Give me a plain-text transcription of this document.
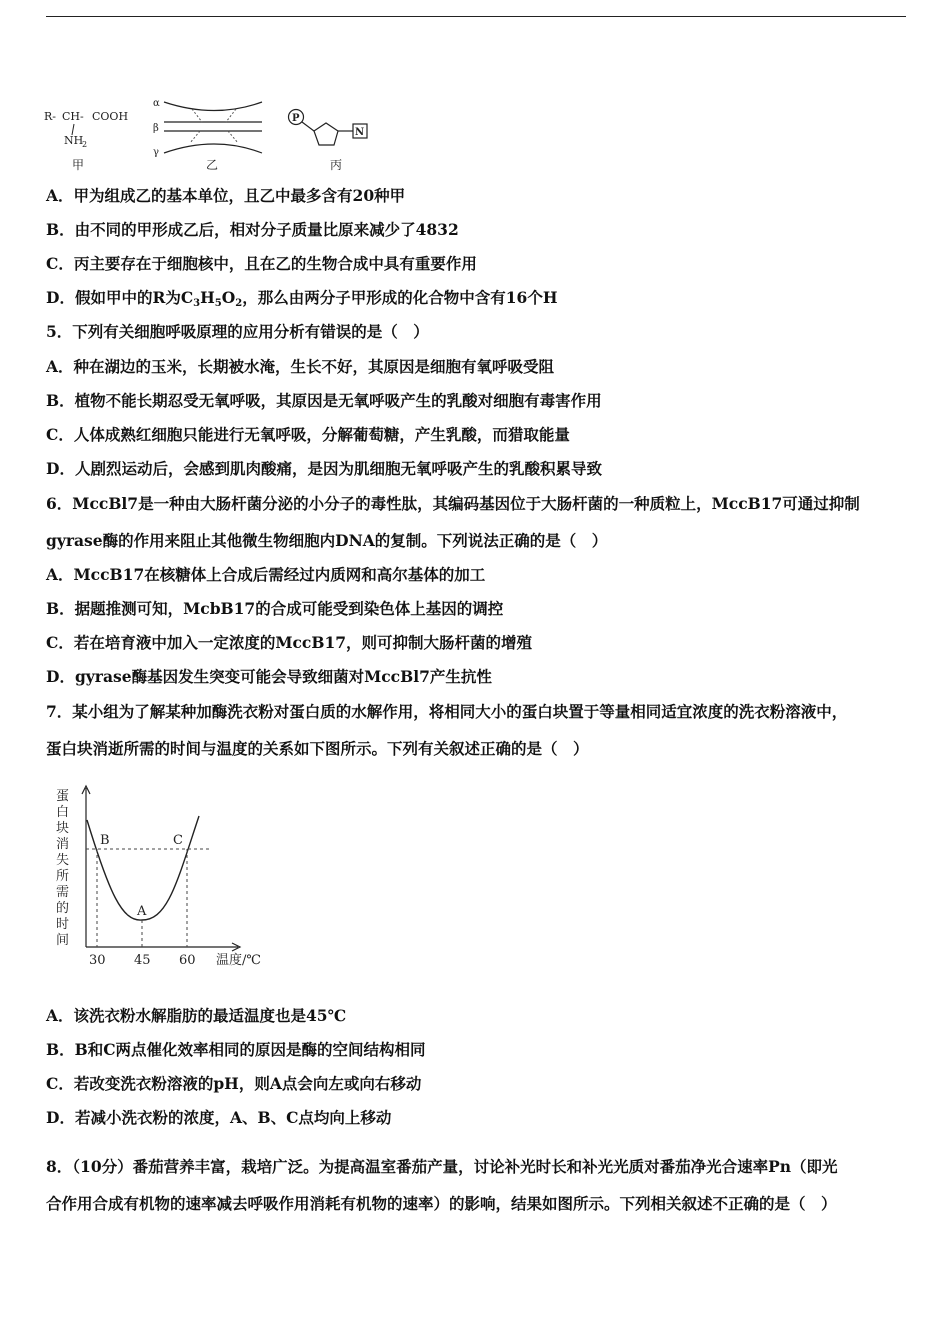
R- CH- COOH
NH
2
α
β
γ
P
N
甲	乙	丙
A．甲为组成乙的基本单位，且乙中最多含有20种甲
B．由不同的甲形成乙后，相对分子质量比原来减少了4832
C．丙主要存在于细胞核中，且在乙的生物合成中具有重要作用
D．假如甲中的R为$C_3H_5O_2$，那么由两分子甲形成的化合物中含有16个H
5．下列有关细胞呼吸原理的应用分析有错误的是（　）
A．种在湖边的玉米，长期被水淹，生长不好，其原因是细胞有氧呼吸受阻
B．植物不能长期忍受无氧呼吸，其原因是无氧呼吸产生的乳酸对细胞有毒害作用
C．人体成熟红细胞只能进行无氧呼吸，分解葡萄糖，产生乳酸，而猎取能量
D．人剧烈运动后，会感到肌肉酸痛，是因为肌细胞无氧呼吸产生的乳酸积累导致
6．MccBl7是一种由大肠杆菌分泌的小分子的毒性肽，其编码基因位于大肠杆菌的一种质粒上，MccB17可通过抑制
gyrase酶的作用来阻止其他微生物细胞内DNA的复制。下列说法正确的是（　）
A．MccB17在核糖体上合成后需经过内质网和高尔基体的加工
B．据题推测可知，McbB17的合成可能受到染色体上基因的调控
C．若在培育液中加入一定浓度的MccB17，则可抑制大肠杆菌的增殖
D．gyrase酶基因发生突变可能会导致细菌对MccBl7产生抗性
7．某小组为了解某种加酶洗衣粉对蛋白质的水解作用，将相同大小的蛋白块置于等量相同适宜浓度的洗衣粉溶液中，
蛋白块消逝所需的时间与温度的关系如下图所示。下列有关叙述正确的是（　）
蛋
白
块
消
失
所
需
的
时
间
B
A
C
30 45 60 温度/℃
A．该洗衣粉水解脂肪的最适温度也是45℃
B．B和C两点催化效率相同的原因是酶的空间结构相同
C．若改变洗衣粉溶液的pH，则A点会向左或向右移动
D．若减小洗衣粉的浓度，A、B、C点均向上移动
8．（10分）番茄营养丰富，栽培广泛。为提高温室番茄产量，讨论补光时长和补光光质对番茄净光合速率Pn（即光
合作用合成有机物的速率减去呼吸作用消耗有机物的速率）的影响，结果如图所示。下列相关叙述不正确的是（　）
